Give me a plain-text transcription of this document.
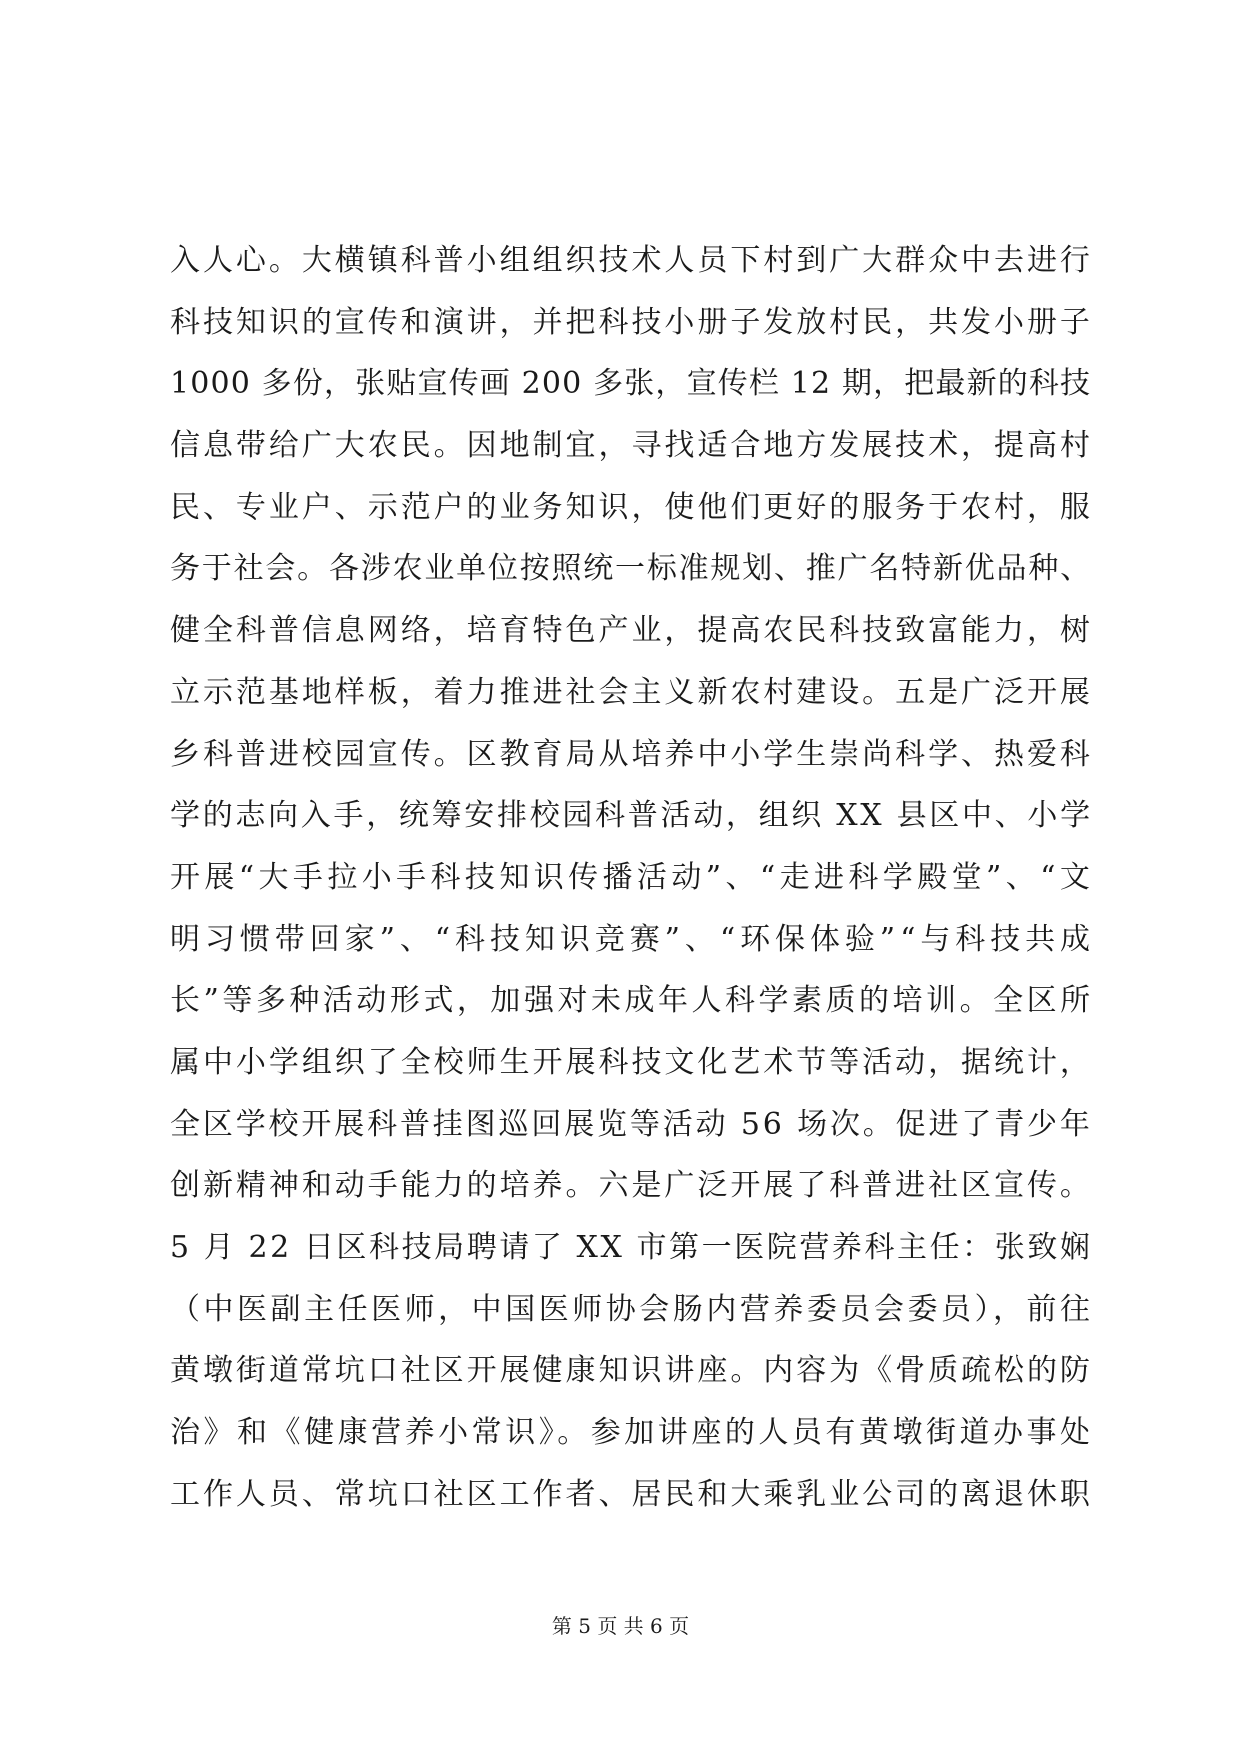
入人心。大横镇科普小组组织技术人员下村到广大群众中去进行
科技知识的宣传和演讲，并把科技小册子发放村民，共发小册子
1000 多份，张贴宣传画 200 多张，宣传栏 12 期，把最新的科技
信息带给广大农民。因地制宜，寻找适合地方发展技术，提高村
民、专业户、示范户的业务知识，使他们更好的服务于农村，服
务于社会。各涉农业单位按照统一标准规划、推广名特新优品种、
健全科普信息网络，培育特色产业，提高农民科技致富能力，树
立示范基地样板，着力推进社会主义新农村建设。五是广泛开展
乡科普进校园宣传。区教育局从培养中小学生崇尚科学、热爱科
学的志向入手，统筹安排校园科普活动，组织 XX 县区中、小学
开展“大手拉小手科技知识传播活动”、“走进科学殿堂”、“文
明习惯带回家”、“科技知识竞赛”、“环保体验”“与科技共成
长”等多种活动形式，加强对未成年人科学素质的培训。全区所
属中小学组织了全校师生开展科技文化艺术节等活动，据统计，
全区学校开展科普挂图巡回展览等活动 56 场次。促进了青少年
创新精神和动手能力的培养。六是广泛开展了科普进社区宣传。
5 月 22 日区科技局聘请了 XX 市第一医院营养科主任：张致娴
（中医副主任医师，中国医师协会肠内营养委员会委员），前往
黄墩街道常坑口社区开展健康知识讲座。内容为《骨质疏松的防
治》和《健康营养小常识》。参加讲座的人员有黄墩街道办事处
工作人员、常坑口社区工作者、居民和大乘乳业公司的离退休职
第 5 页 共 6 页
